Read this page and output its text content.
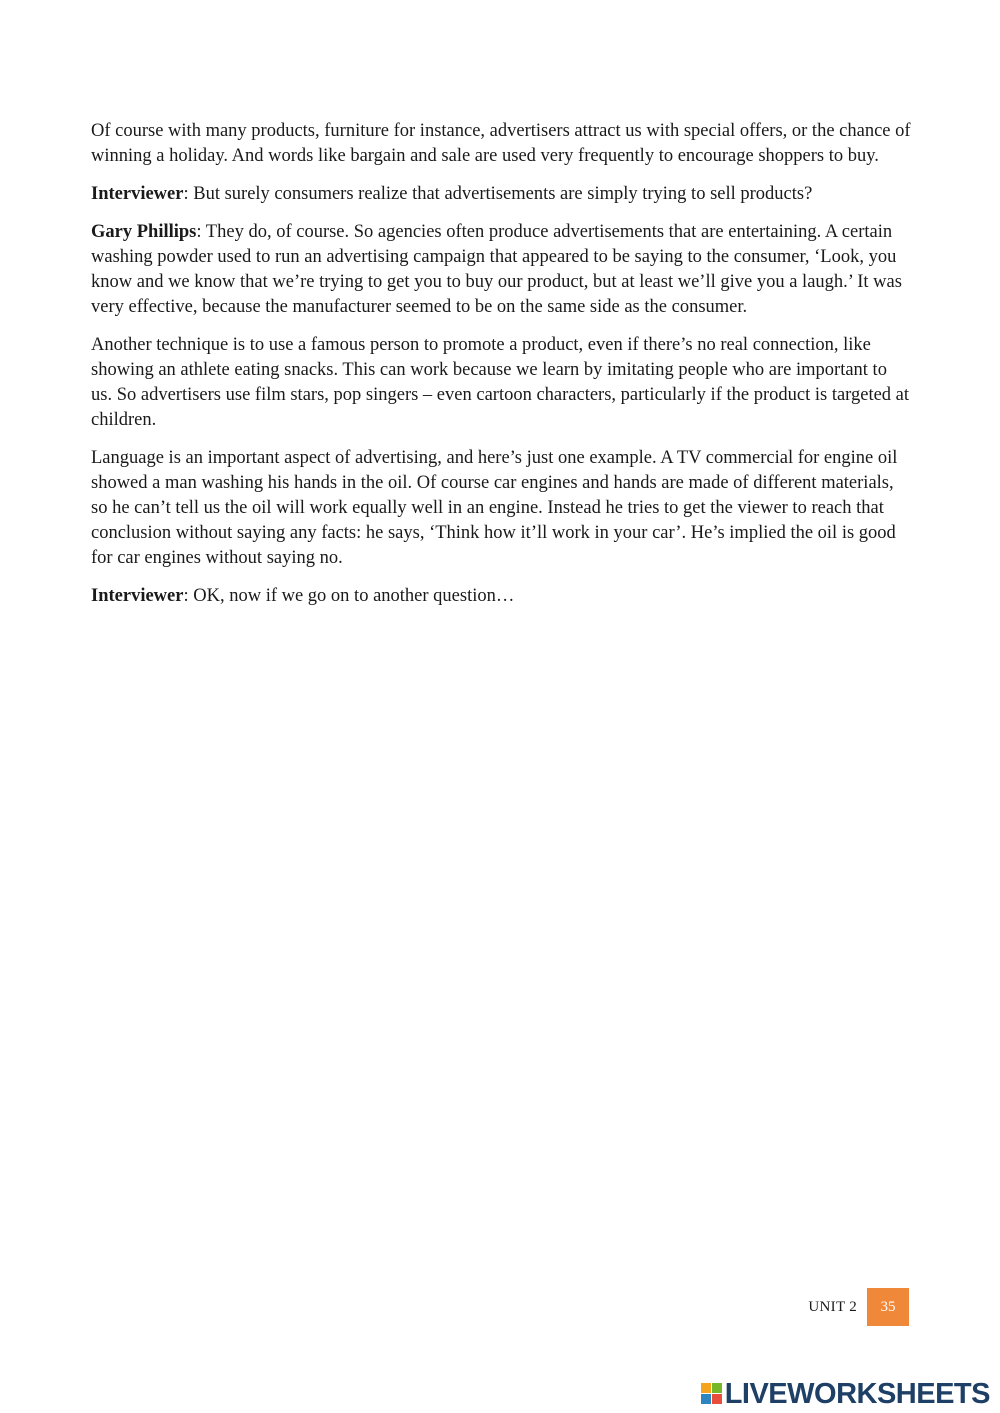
Of course with many products, furniture for instance, advertisers attract us with special offers, or the chance of winning a holiday. And words like bargain and sale are used very frequently to encourage shoppers to buy.

Interviewer: But surely consumers realize that advertisements are simply trying to sell products?

Gary Phillips: They do, of course. So agencies often produce advertisements that are entertaining. A certain washing powder used to run an advertising campaign that appeared to be saying to the consumer, ‘Look, you know and we know that we’re trying to get you to buy our product, but at least we’ll give you a laugh.’ It was very effective, because the manufacturer seemed to be on the same side as the consumer.

Another technique is to use a famous person to promote a product, even if there’s no real connection, like showing an athlete eating snacks. This can work because we learn by imitating people who are important to us. So advertisers use film stars, pop singers – even cartoon characters, particularly if the product is targeted at children.

Language is an important aspect of advertising, and here’s just one example. A TV commercial for engine oil showed a man washing his hands in the oil. Of course car engines and hands are made of different materials, so he can’t tell us the oil will work equally well in an engine. Instead he tries to get the viewer to reach that conclusion without saying any facts: he says, ‘Think how it’ll work in your car’. He’s implied the oil is good for car engines without saying no.

Interviewer: OK, now if we go on to another question…

UNIT 2	35
LIVEWORKSHEETS
